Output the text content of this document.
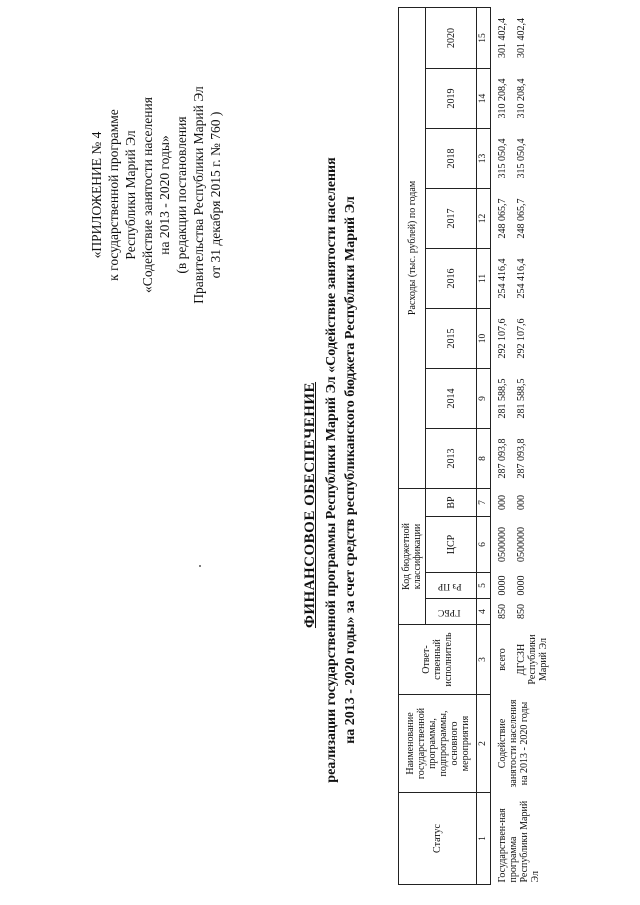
«ПРИЛОЖЕНИЕ № 4 к государственной программе Республики Марий Эл «Содействие занятости населения на 2013 - 2020 годы» (в редакции постановления Правительства Республики Марий Эл от 31 декабря 2015 г. № 760 )
ФИНАНСОВОЕ ОБЕСПЕЧЕНИЕ реализации государственной программы Республики Марий Эл «Содействие занятости населения на 2013 - 2020 годы» за счет средств республиканского бюджета Республики Марий Эл
Статус	Наименование государственной программы, подпрограммы, основного мероприятия	Ответ-ственный исполнитель	Код бюджетной классификации				Расходы (тыс. рублей) по годам							
			ГРБС	Рз ПР	ЦСР	ВР	2013	2014	2015	2016	2017	2018	2019	2020
1	2	3	4	5	6	7	8	9	10	11	12	13	14	15
Государствен-ная программа Республики Марий Эл	Содействие занятости населения на 2013 - 2020 годы	всего	850	0000	0500000	000	287 093,8	281 588,5	292 107,6	254 416,4	248 065,7	315 050,4	310 208,4	301 402,4
		ДГСЗН Республики Марий Эл	850	0000	0500000	000	287 093,8	281 588,5	292 107,6	254 416,4	248 065,7	315 050,4	310 208,4	301 402,4
